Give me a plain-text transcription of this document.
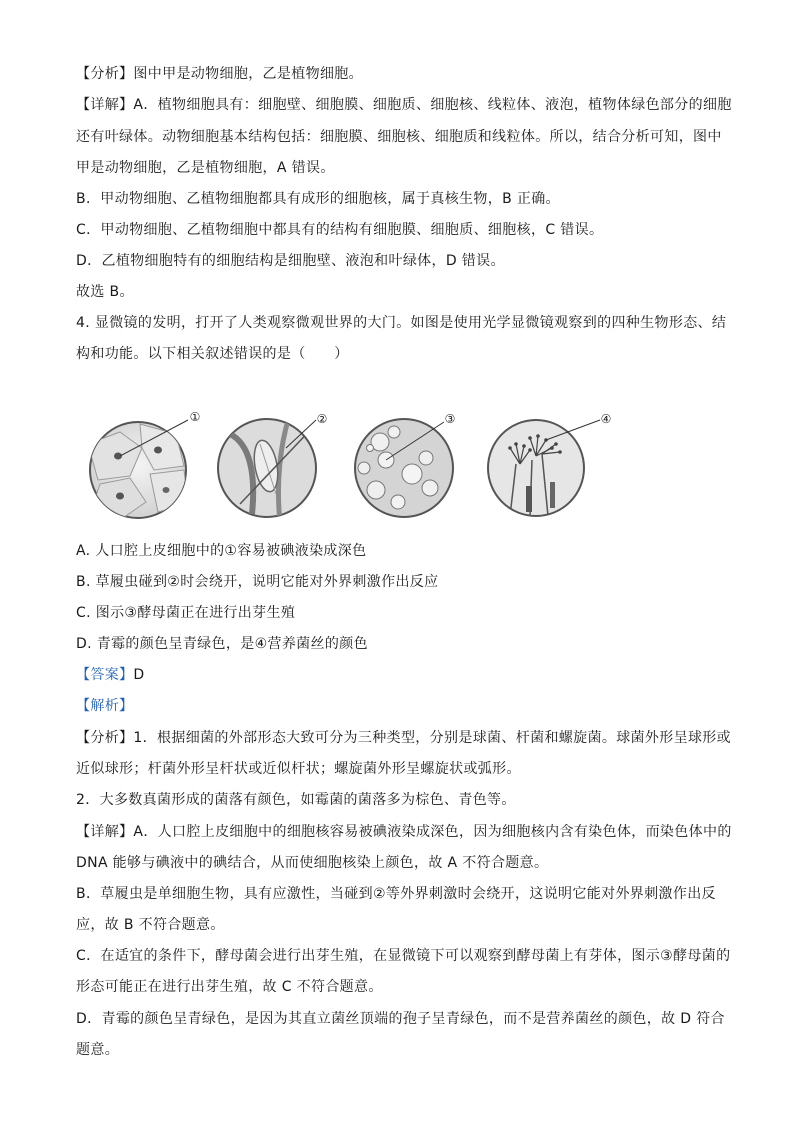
【分析】图中甲是动物细胞，乙是植物细胞。
【详解】A．植物细胞具有：细胞壁、细胞膜、细胞质、细胞核、线粒体、液泡，植物体绿色部分的细胞
还有叶绿体。动物细胞基本结构包括：细胞膜、细胞核、细胞质和线粒体。所以，结合分析可知，图中
甲是动物细胞，乙是植物细胞，A 错误。
B．甲动物细胞、乙植物细胞都具有成形的细胞核，属于真核生物，B 正确。
C．甲动物细胞、乙植物细胞中都具有的结构有细胞膜、细胞质、细胞核，C 错误。
D．乙植物细胞特有的细胞结构是细胞壁、液泡和叶绿体，D 错误。
故选 B。
4. 显微镜的发明，打开了人类观察微观世界的大门。如图是使用光学显微镜观察到的四种生物形态、结
构和功能。以下相关叙述错误的是（　　）
①	②	③	④
A. 人口腔上皮细胞中的①容易被碘液染成深色
B. 草履虫碰到②时会绕开，说明它能对外界刺激作出反应
C. 图示③酵母菌正在进行出芽生殖
D. 青霉的颜色呈青绿色，是④营养菌丝的颜色
【答案】D
【解析】
【分析】1．根据细菌的外部形态大致可分为三种类型，分别是球菌、杆菌和螺旋菌。球菌外形呈球形或
近似球形；杆菌外形呈杆状或近似杆状；螺旋菌外形呈螺旋状或弧形。
2．大多数真菌形成的菌落有颜色，如霉菌的菌落多为棕色、青色等。
【详解】A．人口腔上皮细胞中的细胞核容易被碘液染成深色，因为细胞核内含有染色体，而染色体中的
DNA 能够与碘液中的碘结合，从而使细胞核染上颜色，故 A 不符合题意。
B．草履虫是单细胞生物，具有应激性，当碰到②等外界刺激时会绕开，这说明它能对外界刺激作出反
应，故 B 不符合题意。
C．在适宜的条件下，酵母菌会进行出芽生殖，在显微镜下可以观察到酵母菌上有芽体，图示③酵母菌的
形态可能正在进行出芽生殖，故 C 不符合题意。
D．青霉的颜色呈青绿色，是因为其直立菌丝顶端的孢子呈青绿色，而不是营养菌丝的颜色，故 D 符合
题意。
